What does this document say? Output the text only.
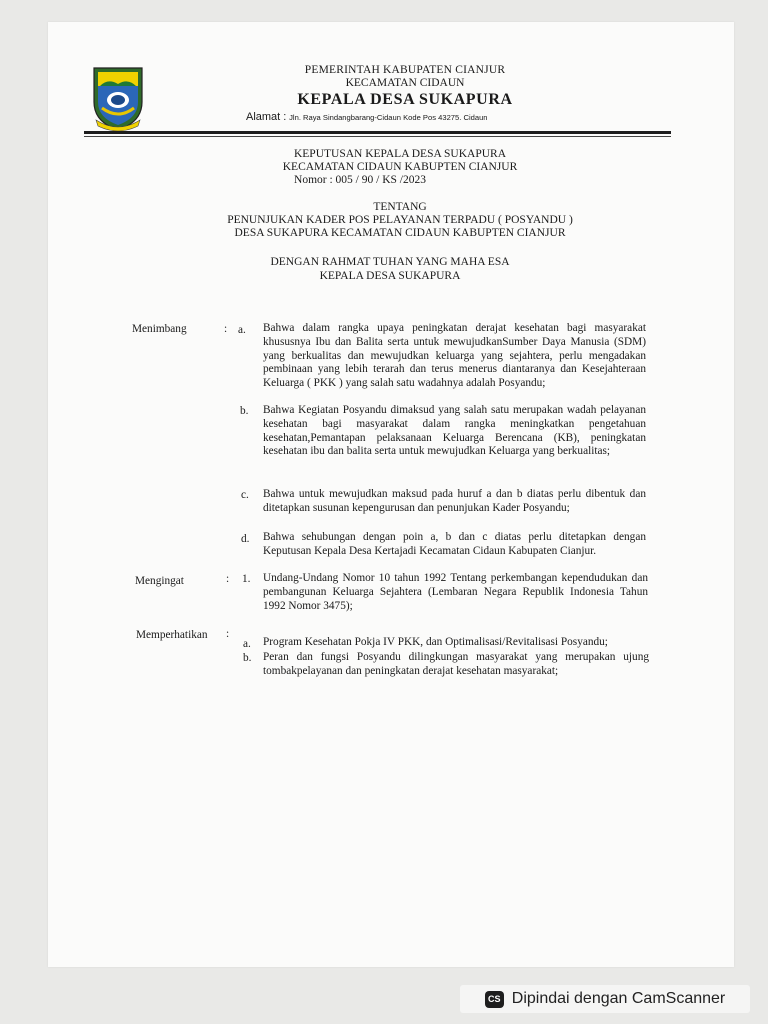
PEMERINTAH KABUPATEN CIANJUR
KECAMATAN CIDAUN
KEPALA DESA SUKAPURA
Alamat : Jln. Raya Sindangbarang-Cidaun Kode Pos 43275. Cidaun
KEPUTUSAN KEPALA DESA SUKAPURA
KECAMATAN CIDAUN KABUPTEN CIANJUR
Nomor : 005 / 90 / KS /2023
TENTANG
PENUNJUKAN KADER POS PELAYANAN TERPADU ( POSYANDU )
DESA SUKAPURA KECAMATAN CIDAUN KABUPTEN CIANJUR
DENGAN RAHMAT TUHAN YANG MAHA ESA
KEPALA DESA SUKAPURA
Menimbang	: a. Bahwa dalam rangka upaya peningkatan derajat kesehatan bagi masyarakat khususnya Ibu dan Balita serta untuk mewujudkanSumber Daya Manusia (SDM) yang berkualitas dan mewujudkan keluarga yang sejahtera, perlu mengadakan pembinaan yang lebih terarah dan terus menerus diantaranya dan Kesejahteraan Keluarga ( PKK ) yang salah satu wadahnya adalah Posyandu;
b. Bahwa Kegiatan Posyandu dimaksud yang salah satu merupakan wadah pelayanan kesehatan bagi masyarakat dalam rangka meningkatkan pengetahuan kesehatan,Pemantapan pelaksanaan Keluarga Berencana (KB), peningkatan kesehatan ibu dan balita serta untuk mewujudkan Keluarga yang berkualitas;
c. Bahwa untuk mewujudkan maksud pada huruf a dan b diatas perlu dibentuk dan ditetapkan susunan kepengurusan dan penunjukan Kader Posyandu;
d. Bahwa sehubungan dengan poin a, b dan c diatas perlu ditetapkan dengan Keputusan Kepala Desa Kertajadi Kecamatan Cidaun Kabupaten Cianjur.
Mengingat	: 1. Undang-Undang Nomor 10 tahun 1992 Tentang perkembangan kependudukan dan pembangunan Keluarga Sejahtera (Lembaran Negara Republik Indonesia Tahun 1992 Nomor 3475);
Memperhatikan :
a. Program Kesehatan Pokja IV PKK, dan Optimalisasi/Revitalisasi Posyandu;
b. Peran dan fungsi Posyandu dilingkungan masyarakat yang merupakan ujung tombakpelayanan dan peningkatan derajat kesehatan masyarakat;
CS Dipindai dengan CamScanner
